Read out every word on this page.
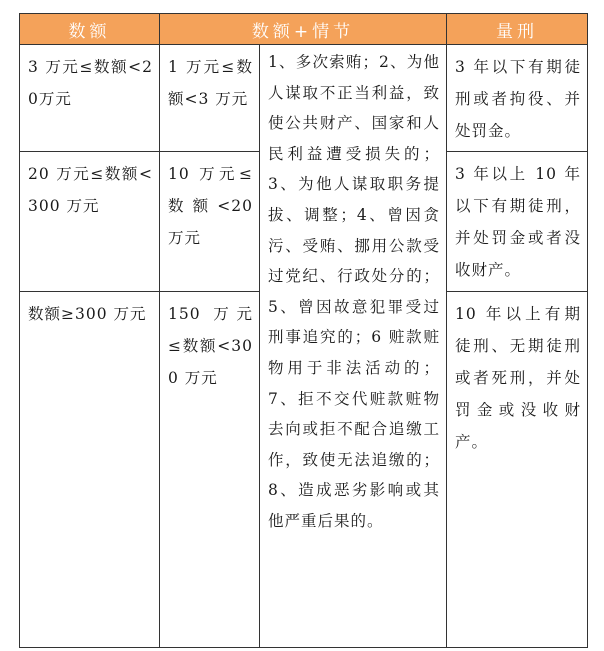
数额	数额+情节		量刑
3 万元≤数额<20万元	1 万元≤数额<3 万元	1、多次索贿；2、为他人谋取不正当利益，致使公共财产、国家和人民利益遭受损失的；3、为他人谋取职务提拔、调整；4、曾因贪污、受贿、挪用公款受过党纪、行政处分的；5、曾因故意犯罪受过刑事追究的；6 赃款赃物用于非法活动的；7、拒不交代赃款赃物去向或拒不配合追缴工作，致使无法追缴的；8、造成恶劣影响或其他严重后果的。	3 年以下有期徒刑或者拘役、并处罚金。
20 万元≤数额<300 万元	10 万元≤数额<20 万元		3 年以上 10 年以下有期徒刑，并处罚金或者没收财产。
数额≥300 万元	150 万元≤数额<300 万元		10 年以上有期徒刑、无期徒刑或者死刑，并处罚金或没收财产。
